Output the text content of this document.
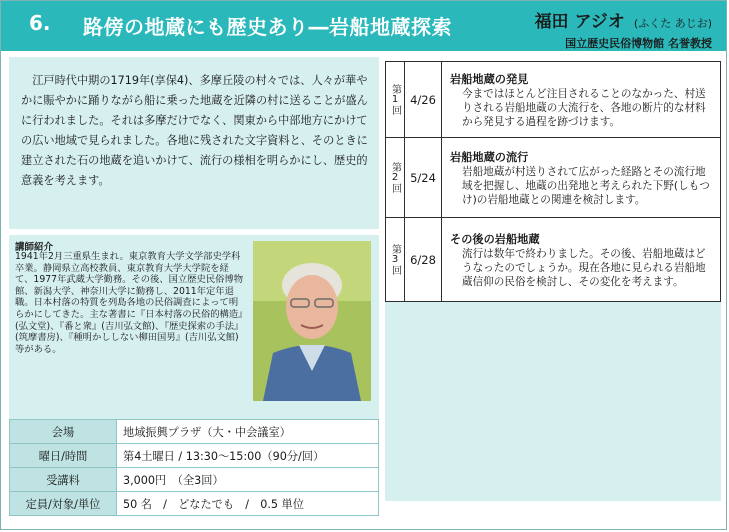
6. 路傍の地蔵にも歴史あり―岩船地蔵探索	福田 アジオ (ふくた あじお)
国立歴史民俗博物館 名誉教授
江戸時代中期の1719年(享保4)、多摩丘陵の村々では、人々が華やかに賑やかに踊りながら船に乗った地蔵を近隣の村に送ることが盛んに行われました。それは多摩だけでなく、関東から中部地方にかけての広い地域で見られました。各地に残された文字資料と、そのときに建立された石の地蔵を追いかけて、流行の様相を明らかにし、歴史的意義を考えます。
講師紹介
1941年2月三重県生まれ。東京教育大学文学部史学科卒業。静岡県立高校教員、東京教育大学大学院を経て、1977年武蔵大学勤務。その後、国立歴史民俗博物館、新潟大学、神奈川大学に勤務し、2011年定年退職。日本村落の特質を列島各地の民俗調査によって明らかにしてきた。主な著書に『日本村落の民俗的構造』(弘文堂)、『番と衆』(吉川弘文館)、『歴史探索の手法』(筑摩書房)、『種明かししない柳田国男』(吉川弘文館)等がある。
会場	地域振興プラザ（大・中会議室）
曜日/時間	第4土曜日 / 13:30～15:00（90分/回）
受講料	3,000円　（全3回）
定員/対象/単位	50 名　/　どなたでも　/　0.5 単位
第1回	4/26	岩船地蔵の発見
今まではほとんど注目されることのなかった、村送りされる岩船地蔵の大流行を、各地の断片的な材料から発見する過程を跡づけます。

第2回	5/24	岩船地蔵の流行
岩船地蔵が村送りされて広がった経路とその流行地域を把握し、地蔵の出発地と考えられた下野(しもつけ)の岩船地蔵との関連を検討します。

第3回	6/28	その後の岩船地蔵
流行は数年で終わりました。その後、岩船地蔵はどうなったのでしょうか。現在各地に見られる岩船地蔵信仰の民俗を検討し、その変化を考えます。
